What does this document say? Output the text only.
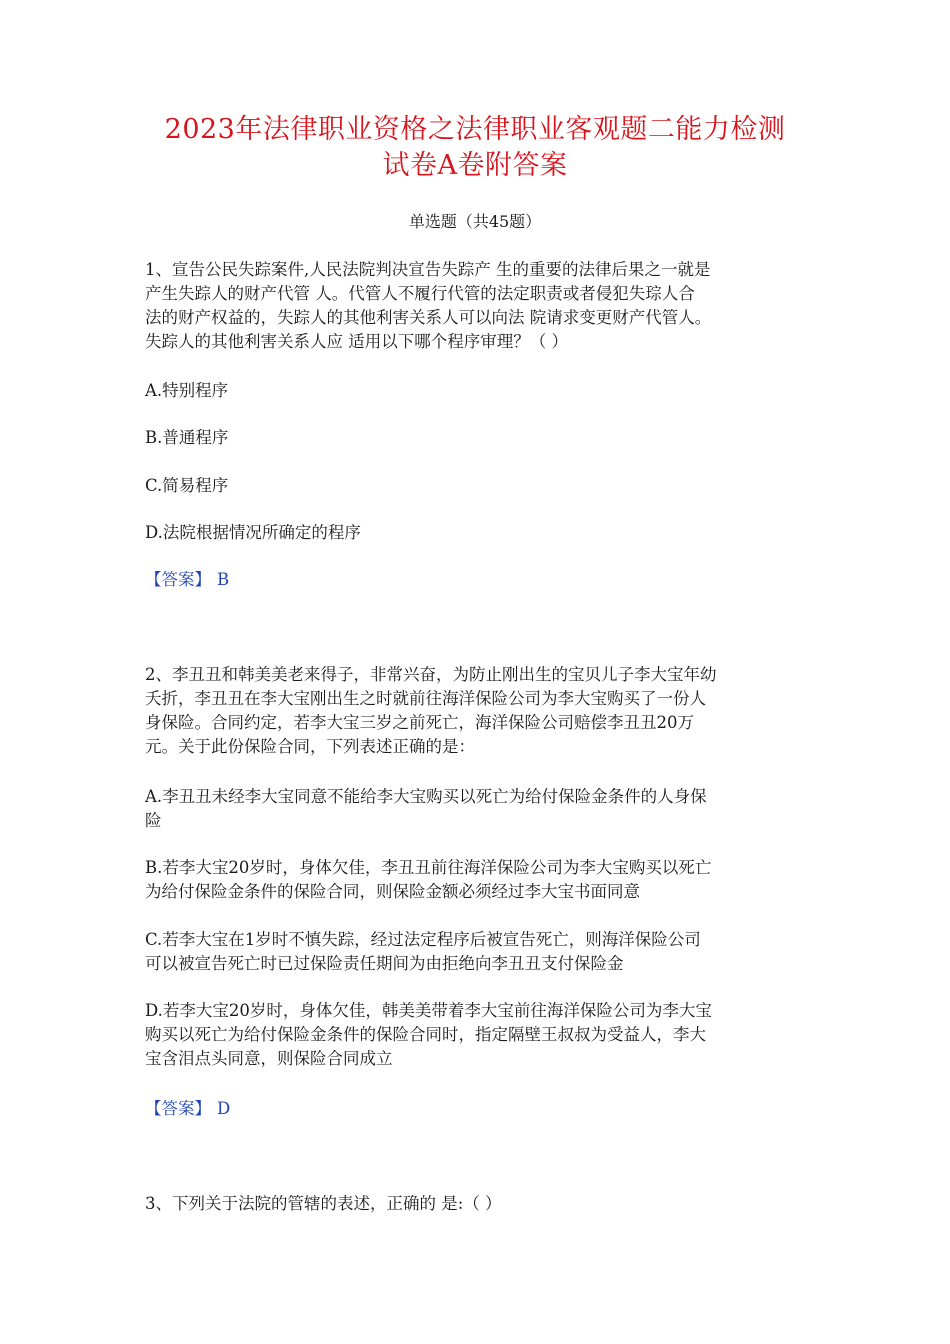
2023年法律职业资格之法律职业客观题二能力检测
试卷A卷附答案
单选题（共45题）
1、宣告公民失踪案件,人民法院判决宣告失踪产 生的重要的法律后果之一就是
产生失踪人的财产代管 人。代管人不履行代管的法定职责或者侵犯失琮人合
法的财产权益的，失踪人的其他利害关系人可以向法 院请求变更财产代管人。
失踪人的其他利害关系人应 适用以下哪个程序审理？（ ）
A.特别程序
B.普通程序
C.简易程序
D.法院根据情况所确定的程序
【答案】 B
2、李丑丑和韩美美老来得子，非常兴奋，为防止刚出生的宝贝儿子李大宝年幼
夭折，李丑丑在李大宝刚出生之时就前往海洋保险公司为李大宝购买了一份人
身保险。合同约定，若李大宝三岁之前死亡，海洋保险公司赔偿李丑丑20万
元。关于此份保险合同，下列表述正确的是：
A.李丑丑未经李大宝同意不能给李大宝购买以死亡为给付保险金条件的人身保
险
B.若李大宝20岁时，身体欠佳，李丑丑前往海洋保险公司为李大宝购买以死亡
为给付保险金条件的保险合同，则保险金额必须经过李大宝书面同意
C.若李大宝在1岁时不慎失踪，经过法定程序后被宣告死亡，则海洋保险公司
可以被宣告死亡时已过保险责任期间为由拒绝向李丑丑支付保险金
D.若李大宝20岁时，身体欠佳，韩美美带着李大宝前往海洋保险公司为李大宝
购买以死亡为给付保险金条件的保险合同时，指定隔壁王叔叔为受益人，李大
宝含泪点头同意，则保险合同成立
【答案】 D
3、下列关于法院的管辖的表述，正确的 是:（ ）
